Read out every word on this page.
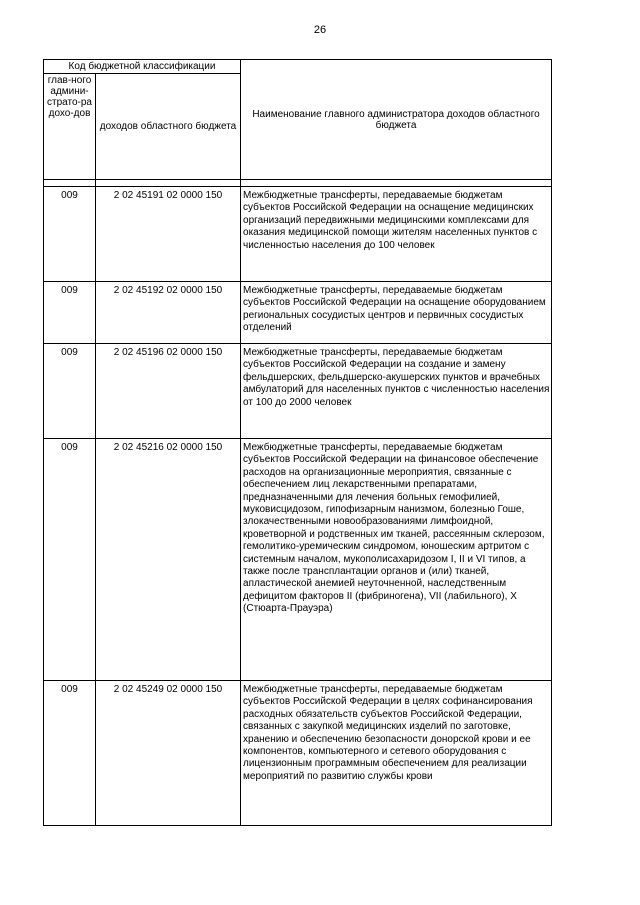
26
Код бюджетной классификации		Наименование главного администратора доходов областного бюджета
глав-ного админи-страто-ра дохо-дов	доходов областного бюджета	

009	2 02 45191 02 0000 150	Межбюджетные трансферты, передаваемые бюджетам субъектов Российской Федерации на оснащение медицинских организаций передвижными медицинскими комплексами для оказания медицинской помощи жителям населенных пунктов с численностью населения до 100 человек
009	2 02 45192 02 0000 150	Межбюджетные трансферты, передаваемые бюджетам субъектов Российской Федерации на оснащение оборудованием региональных сосудистых центров и первичных сосудистых отделений
009	2 02 45196 02 0000 150	Межбюджетные трансферты, передаваемые бюджетам субъектов Российской Федерации на создание и замену фельдшерских, фельдшерско-акушерских пунктов и врачебных амбулаторий для населенных пунктов с численностью населения от 100 до 2000 человек
009	2 02 45216 02 0000 150	Межбюджетные трансферты, передаваемые бюджетам субъектов Российской Федерации на финансовое обеспечение расходов на организационные мероприятия, связанные с обеспечением лиц лекарственными препаратами, предназначенными для лечения больных гемофилией, муковисцидозом, гипофизарным нанизмом, болезнью Гоше, злокачественными новообразованиями лимфоидной, кроветворной и родственных им тканей, рассеянным склерозом, гемолитико-уремическим синдромом, юношеским артритом с системным началом, мукополисахаридозом I, II и VI типов, а также после трансплантации органов и (или) тканей, апластической анемией неуточненной, наследственным дефицитом факторов II (фибриногена), VII (лабильного), X (Стюарта-Прауэра)
009	2 02 45249 02 0000 150	Межбюджетные трансферты, передаваемые бюджетам субъектов Российской Федерации в целях софинансирования расходных обязательств субъектов Российской Федерации, связанных с закупкой медицинских изделий по заготовке, хранению и обеспечению безопасности донорской крови и ее компонентов, компьютерного и сетевого оборудования с лицензионным программным обеспечением для реализации мероприятий по развитию службы крови
